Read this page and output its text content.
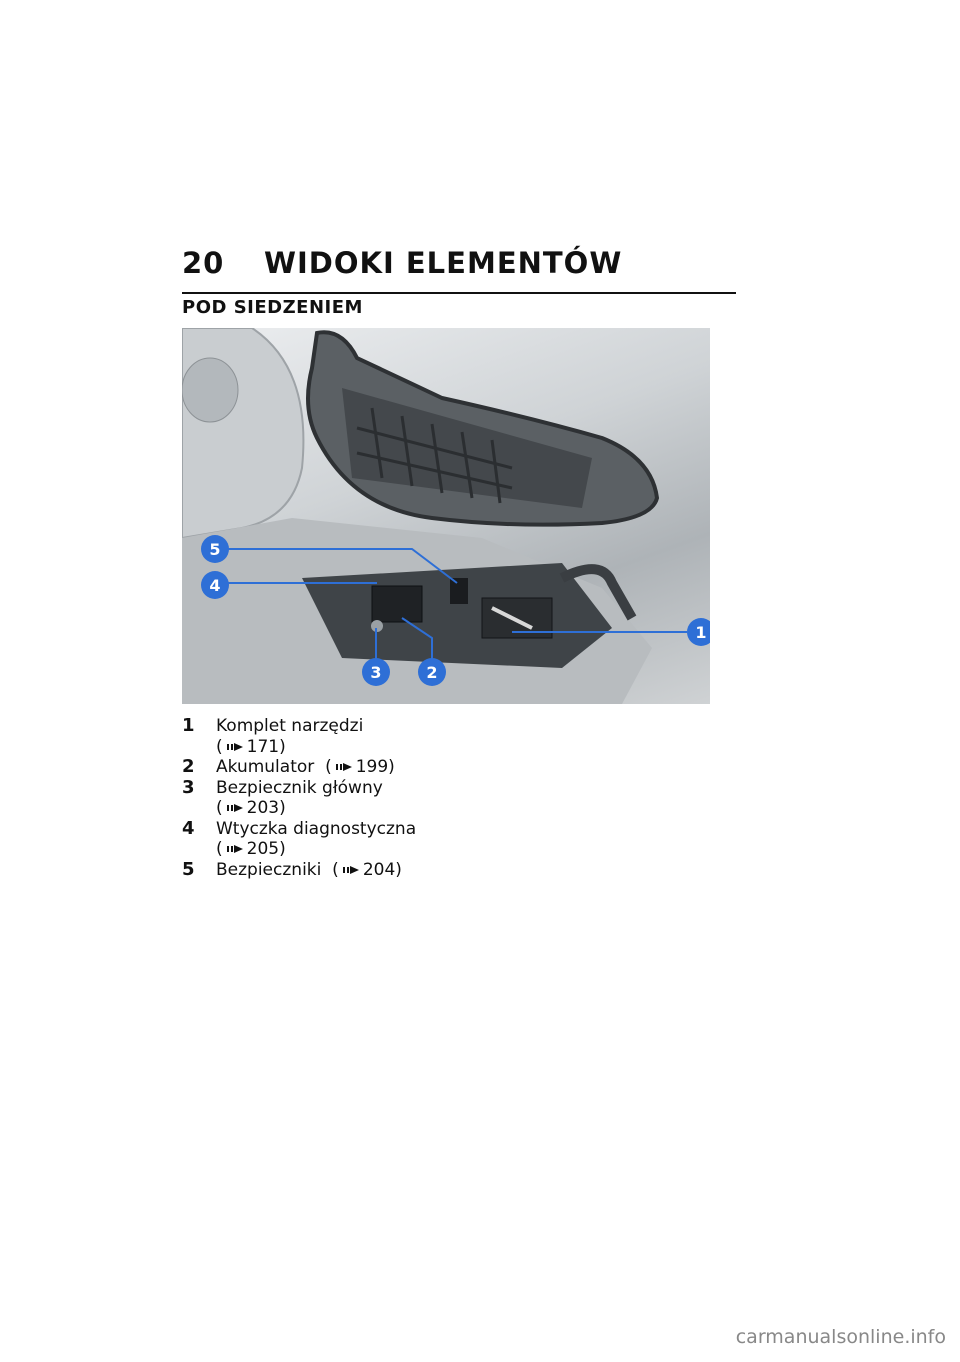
20 WIDOKI ELEMENTÓW
POD SIEDZENIEM
5
4
1
3	2
1 Komplet narzędzi
( 171)
2 Akumulator  ( 199)
3 Bezpiecznik główny
( 203)
4 Wtyczka diagnostyczna
( 205)
5 Bezpieczniki  ( 204)
carmanualsonline.info
